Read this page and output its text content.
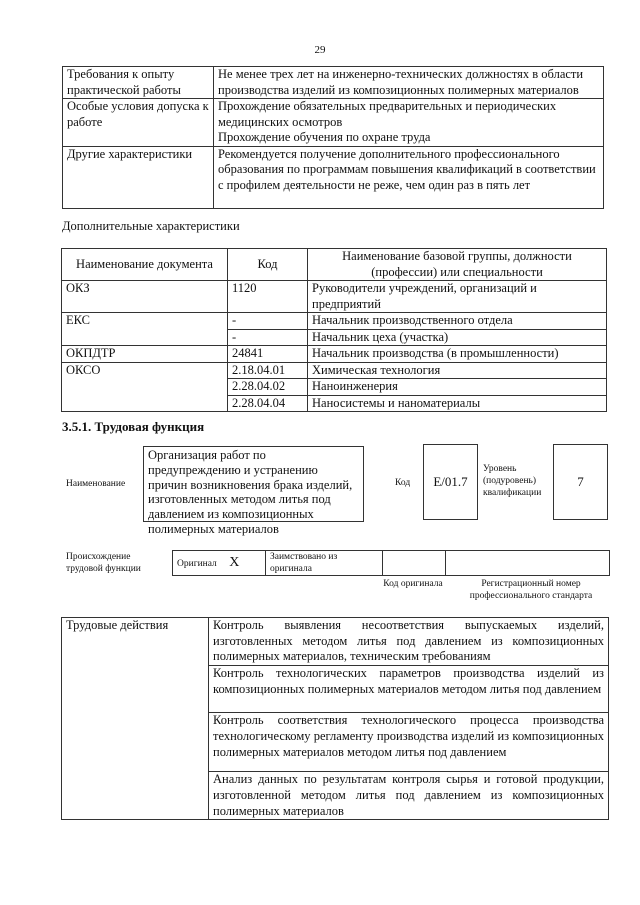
29
Требования к опыту практической работы	Не менее трех лет на инженерно-технических должностях в области производства изделий из композиционных полимерных материалов
Особые условия допуска к работе	Прохождение обязательных предварительных и периодических медицинских осмотров
Прохождение обучения по охране труда

Другие характеристики	Рекомендуется получение дополнительного профессионального образования по программам повышения квалификаций в соответствии с профилем деятельности не реже, чем один раз в пять лет
Дополнительные характеристики
Наименование документа	Код	Наименование базовой группы, должности (профессии) или специальности
ОКЗ	1120	Руководители учреждений, организаций и предприятий
ЕКС	-	Начальник производственного отдела
	-	Начальник цеха (участка)
ОКПДТР	24841	Начальник производства (в промышленности)
ОКСО	2.18.04.01	Химическая технология
	2.28.04.02	Наноинженерия
	2.28.04.04	Наносистемы и наноматериалы
3.5.1. Трудовая функция
Наименование
Организация работ по предупреждению и устранению причин возникновения брака изделий, изготовленных методом литья под давлением из композиционных полимерных материалов
Код E/01.7
Уровень (подуровень) квалификации
7
Происхождение трудовой функции
Оригинал X	Заимствовано из оригинала		
Код оригинала	Регистрационный номер профессионального стандарта
Трудовые действия	Контроль выявления несоответствия выпускаемых изделий, изготовленных методом литья под давлением из композиционных полимерных материалов, техническим требованиям
Контроль технологических параметров производства изделий из композиционных полимерных материалов методом литья под давлением
Контроль соответствия технологического процесса производства технологическому регламенту производства изделий из композиционных полимерных материалов методом литья под давлением
Анализ данных по результатам контроля сырья и готовой продукции, изготовленной методом литья под давлением из композиционных полимерных материалов
